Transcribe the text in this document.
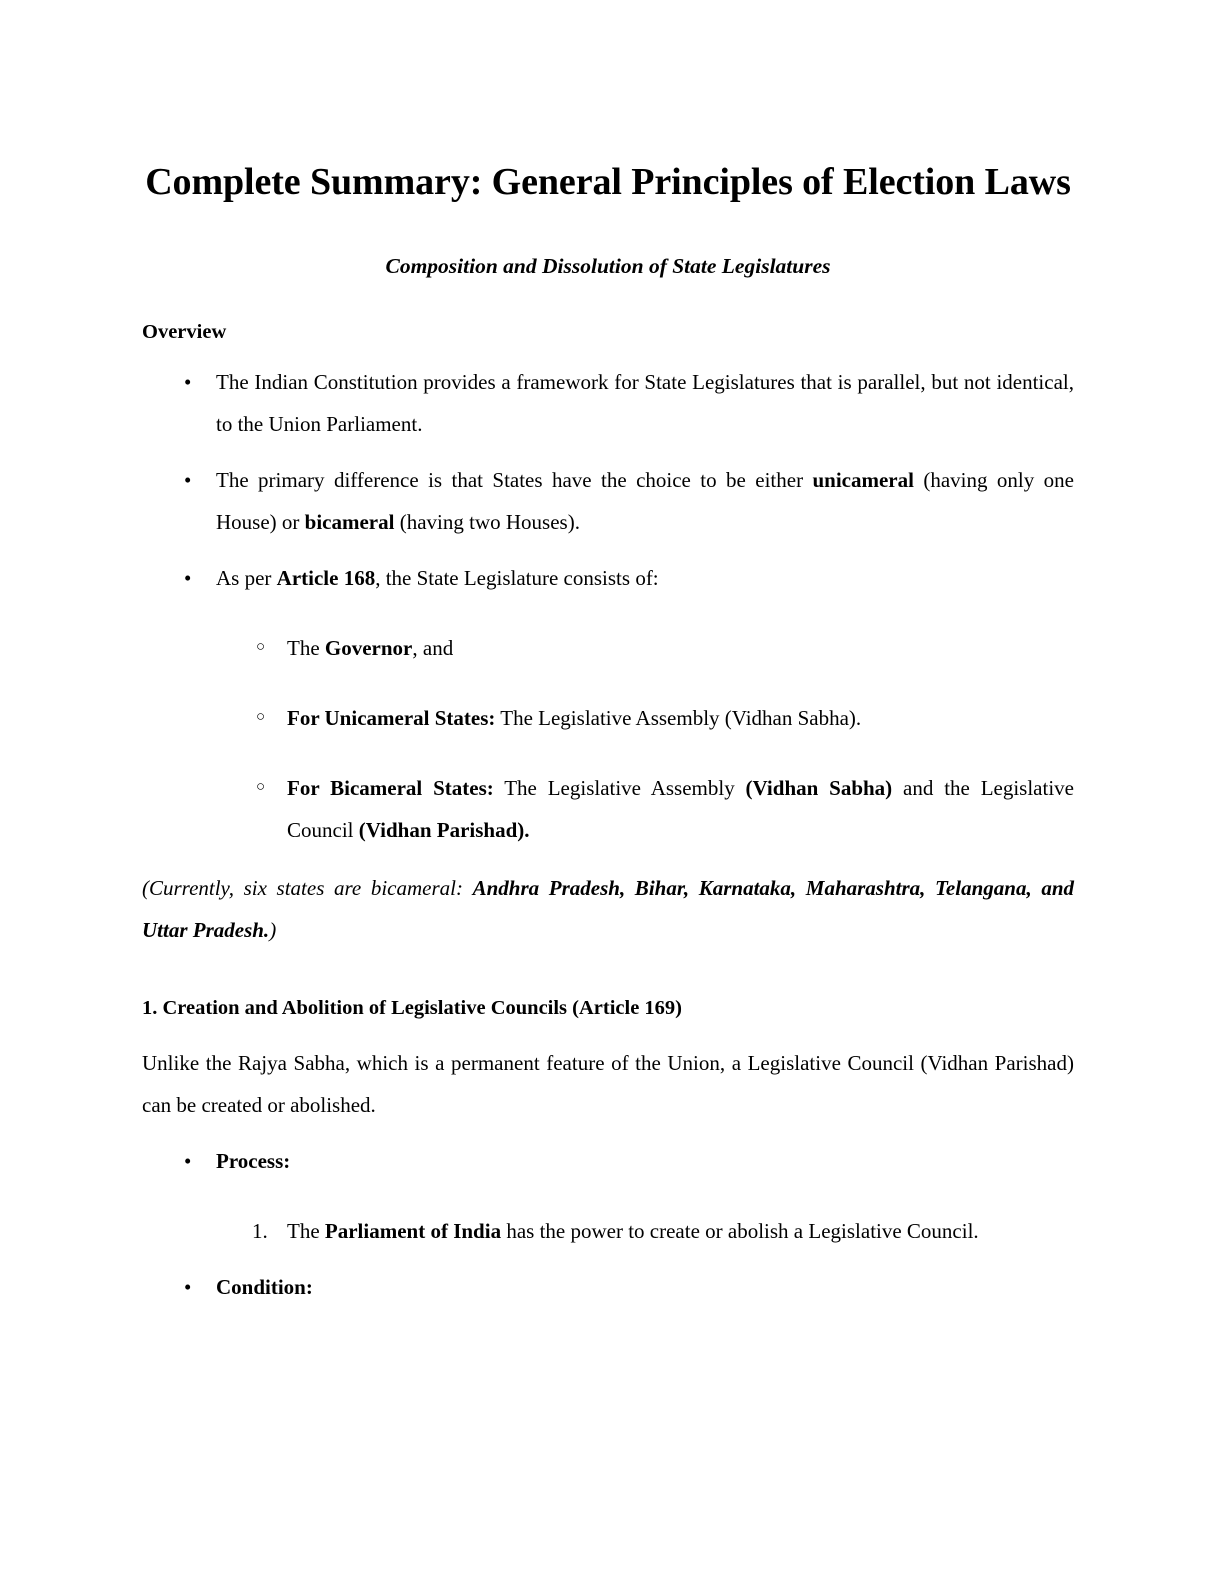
Complete Summary: General Principles of Election Laws

Composition and Dissolution of State Legislatures

Overview
• The Indian Constitution provides a framework for State Legislatures that is parallel, but not identical, to the Union Parliament.
• The primary difference is that States have the choice to be either unicameral (having only one House) or bicameral (having two Houses).
• As per Article 168, the State Legislature consists of:
○ The Governor, and
○ For Unicameral States: The Legislative Assembly (Vidhan Sabha).
○ For Bicameral States: The Legislative Assembly (Vidhan Sabha) and the Legislative Council (Vidhan Parishad).

(Currently, six states are bicameral: Andhra Pradesh, Bihar, Karnataka, Maharashtra, Telangana, and Uttar Pradesh.)

1. Creation and Abolition of Legislative Councils (Article 169)

Unlike the Rajya Sabha, which is a permanent feature of the Union, a Legislative Council (Vidhan Parishad) can be created or abolished.

• Process:
The Parliament of India has the power to create or abolish a Legislative Council.
• Condition:
